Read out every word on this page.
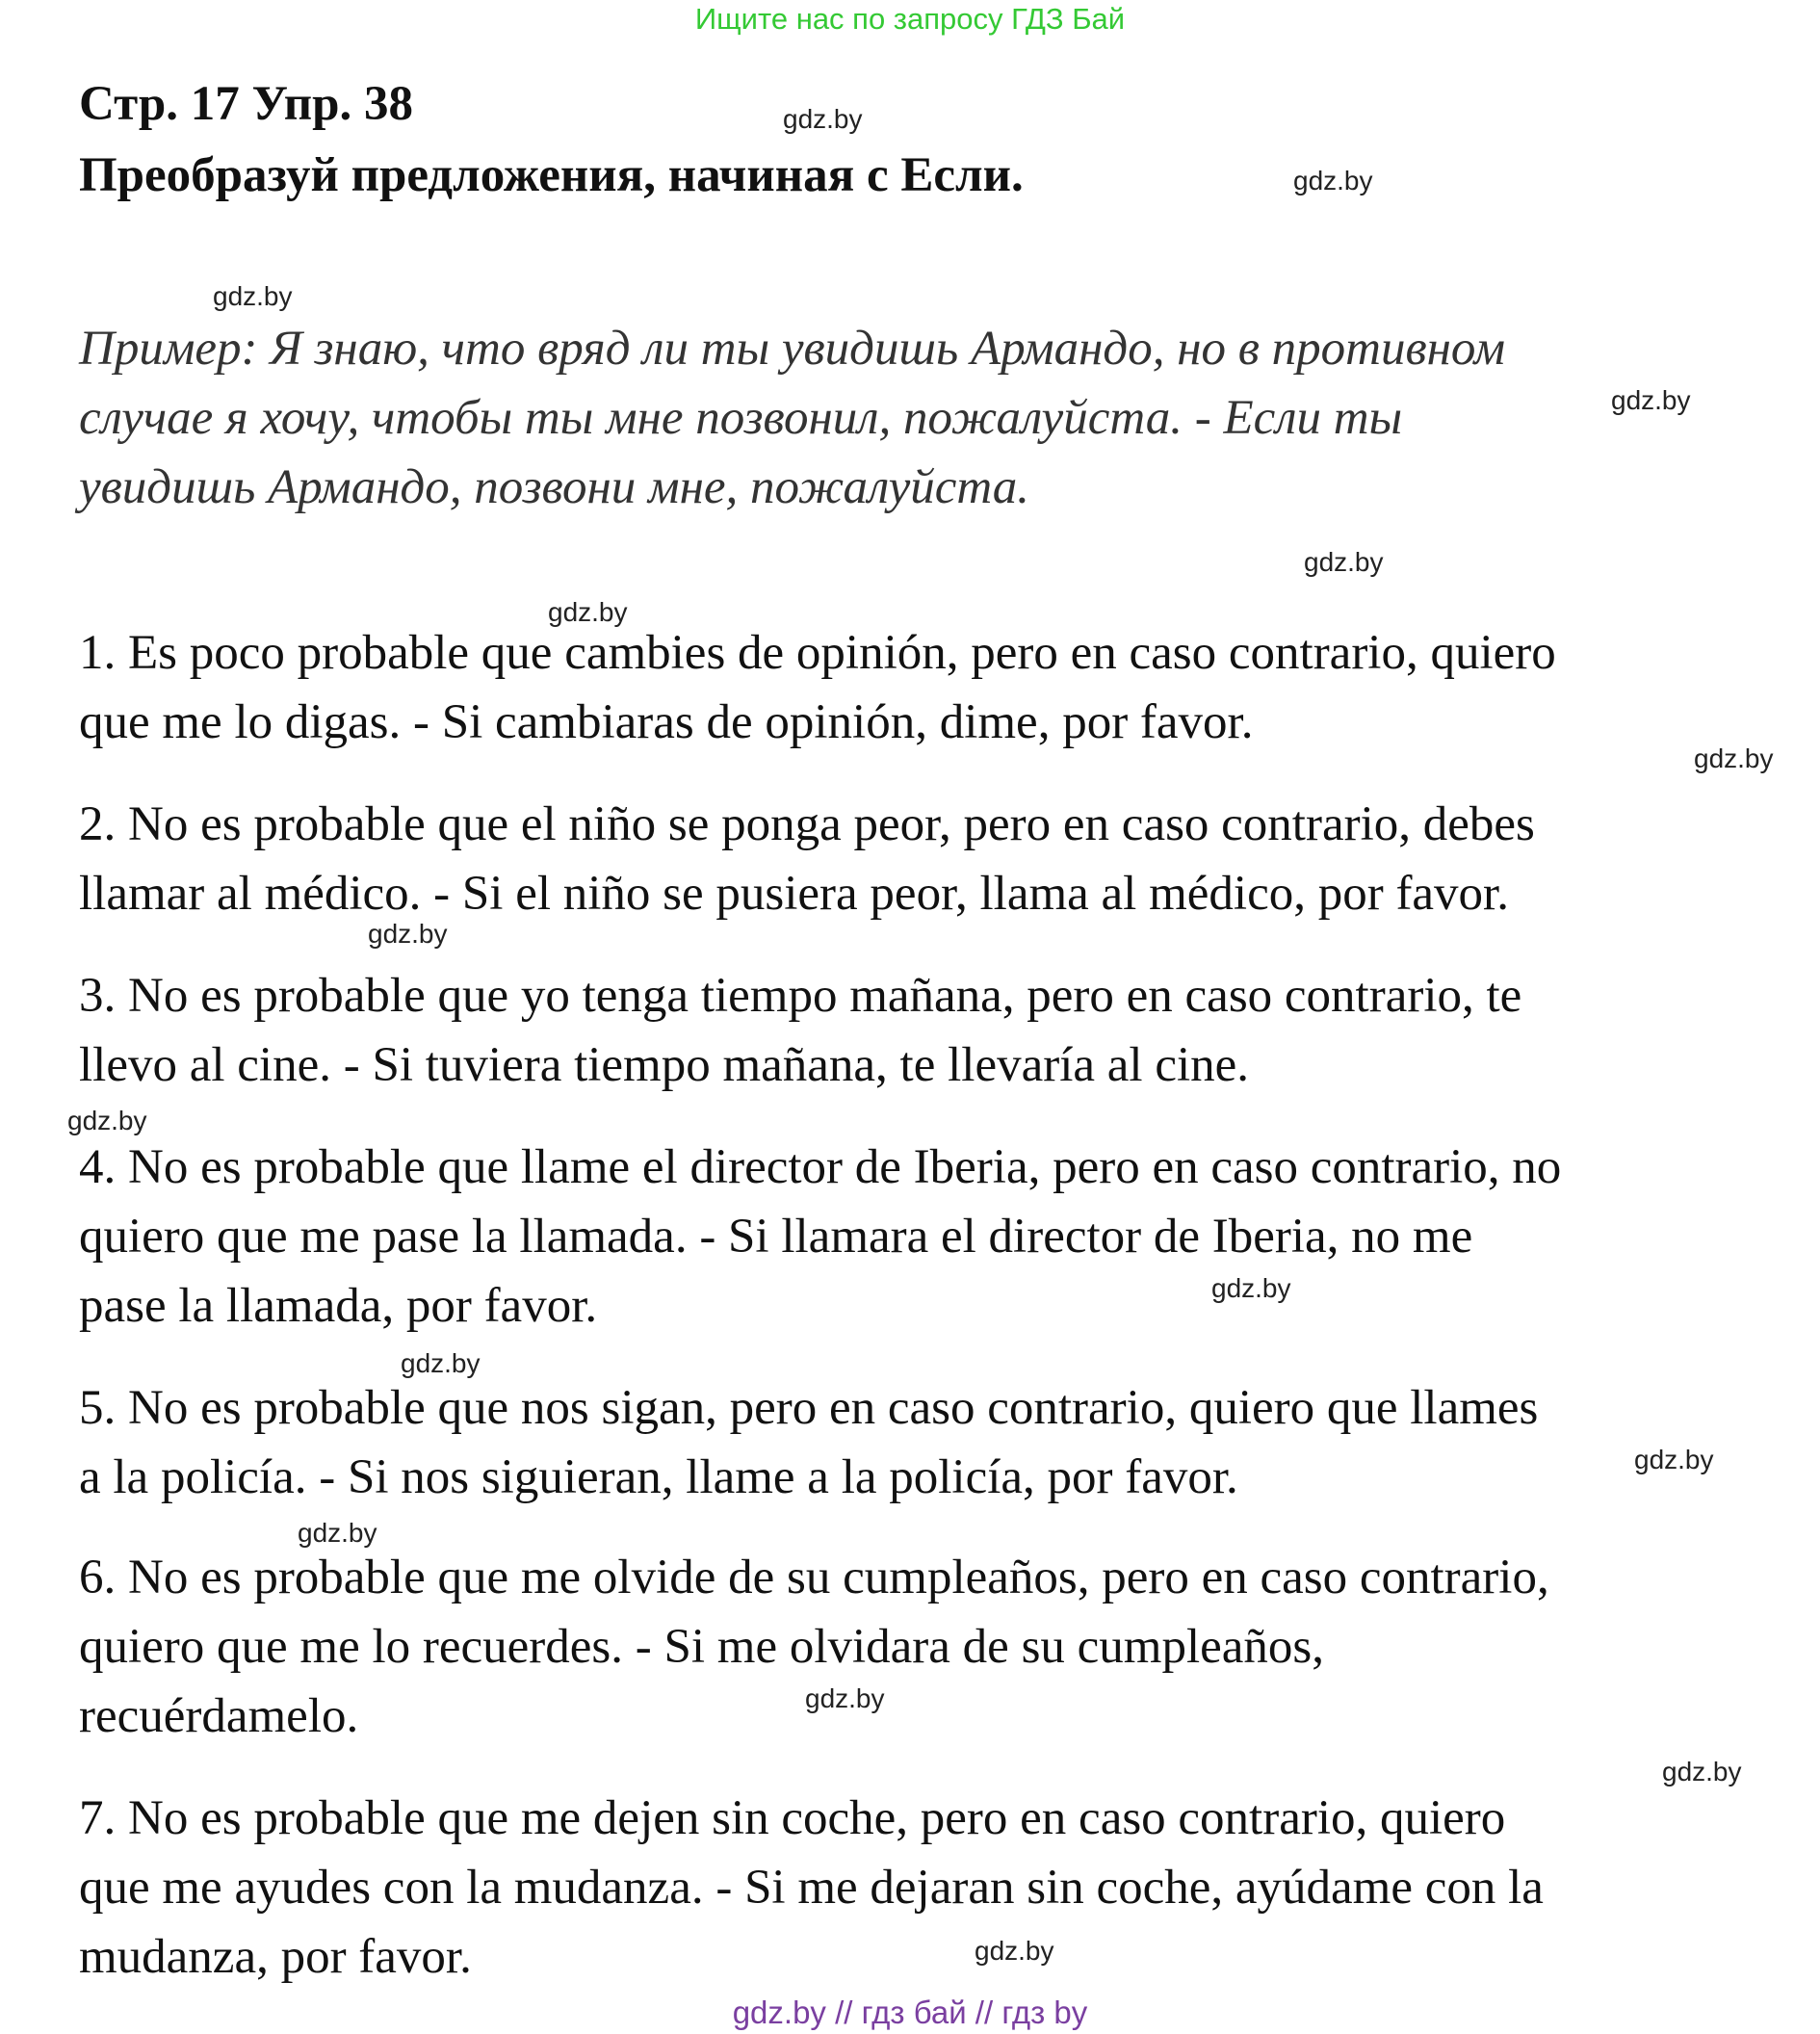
Ищите нас по запросу ГДЗ Бай
Стр. 17 Упр. 38
Преобразуй предложения, начиная с Если.
Пример: Я знаю, что вряд ли ты увидишь Армандо, но в противном
случае я хочу, чтобы ты мне позвонил, пожалуйста. - Если ты
увидишь Армандо, позвони мне, пожалуйста.
1. Es poco probable que cambies de opinión, pero en caso contrario, quiero
que me lo digas. - Si cambiaras de opinión, dime, por favor.
2. No es probable que el niño se ponga peor, pero en caso contrario, debes
llamar al médico. - Si el niño se pusiera peor, llama al médico, por favor.
3. No es probable que yo tenga tiempo mañana, pero en caso contrario, te
llevo al cine. - Si tuviera tiempo mañana, te llevaría al cine.
4. No es probable que llame el director de Iberia, pero en caso contrario, no
quiero que me pase la llamada. - Si llamara el director de Iberia, no me
pase la llamada, por favor.
5. No es probable que nos sigan, pero en caso contrario, quiero que llames
a la policía. - Si nos siguieran, llame a la policía, por favor.
6. No es probable que me olvide de su cumpleaños, pero en caso contrario,
quiero que me lo recuerdes. - Si me olvidara de su cumpleaños,
recuérdamelo.
7. No es probable que me dejen sin coche, pero en caso contrario, quiero
que me ayudes con la mudanza. - Si me dejaran sin coche, ayúdame con la
mudanza, por favor.
gdz.by
gdz.by
gdz.by
gdz.by
gdz.by
gdz.by
gdz.by
gdz.by
gdz.by
gdz.by
gdz.by
gdz.by
gdz.by
gdz.by
gdz.by
gdz.by
gdz.by // гдз бай // гдз by
